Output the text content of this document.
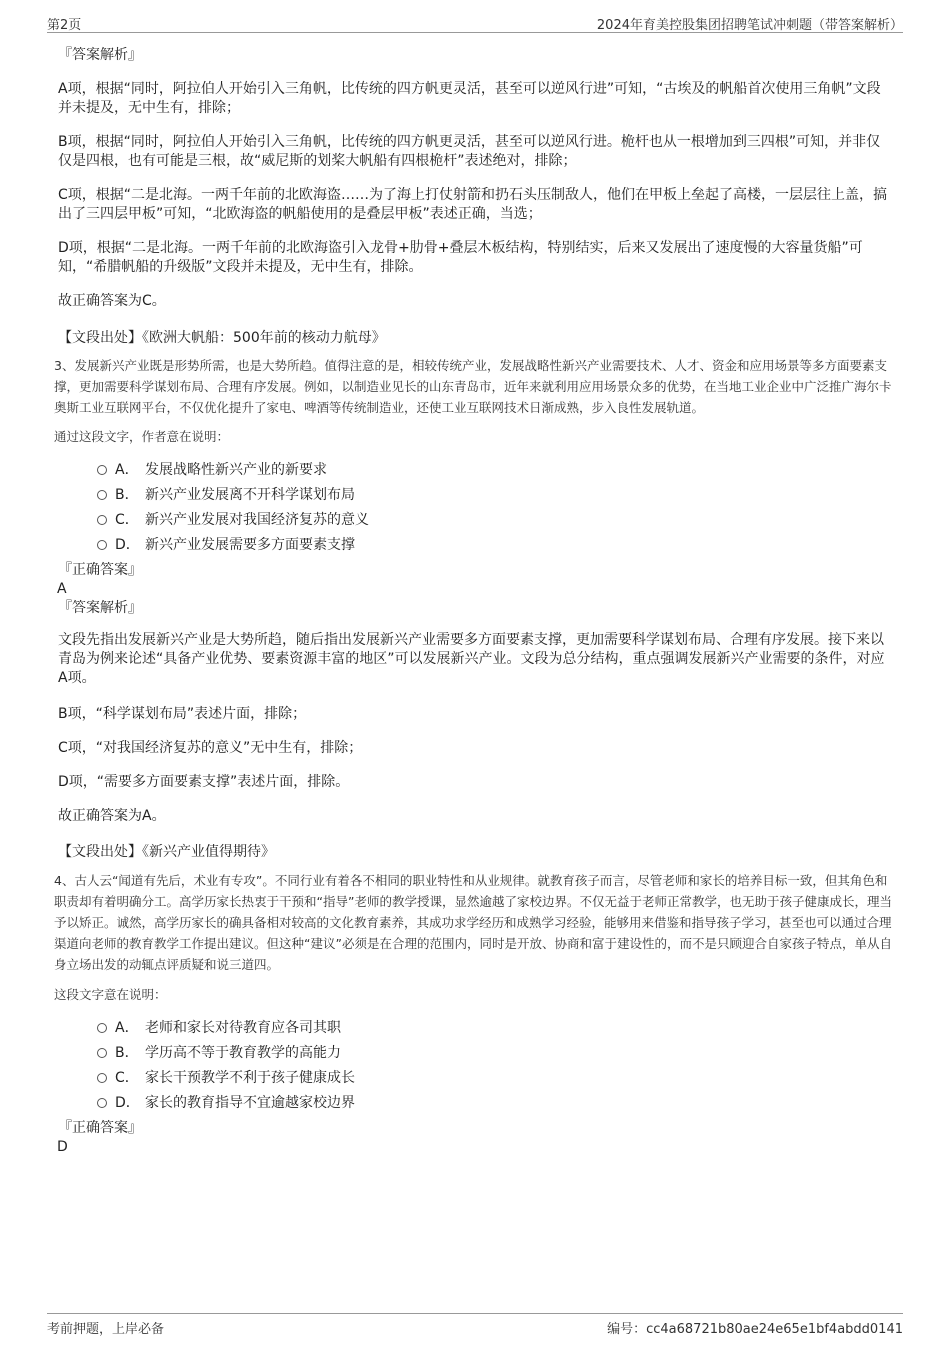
第2页	2024年育美控股集团招聘笔试冲刺题（带答案解析）

『答案解析』

A项，根据“同时，阿拉伯人开始引入三角帆，比传统的四方帆更灵活，甚至可以逆风行进”可知，“古埃及的帆船首次使用三角帆”文段并未提及，无中生有，排除；

B项，根据“同时，阿拉伯人开始引入三角帆，比传统的四方帆更灵活，甚至可以逆风行进。桅杆也从一根增加到三四根”可知，并非仅仅是四根，也有可能是三根，故“威尼斯的划桨大帆船有四根桅杆”表述绝对，排除；

C项，根据“二是北海。一两千年前的北欧海盗……为了海上打仗射箭和扔石头压制敌人，他们在甲板上垒起了高楼，一层层往上盖，搞出了三四层甲板”可知，“北欧海盗的帆船使用的是叠层甲板”表述正确，当选；

D项，根据“二是北海。一两千年前的北欧海盗引入龙骨+肋骨+叠层木板结构，特别结实，后来又发展出了速度慢的大容量货船”可知，“希腊帆船的升级版”文段并未提及，无中生有，排除。

故正确答案为C。

【文段出处】《欧洲大帆船：500年前的核动力航母》

3、发展新兴产业既是形势所需，也是大势所趋。值得注意的是，相较传统产业，发展战略性新兴产业需要技术、人才、资金和应用场景等多方面要素支撑，更加需要科学谋划布局、合理有序发展。例如，以制造业见长的山东青岛市，近年来就利用应用场景众多的优势，在当地工业企业中广泛推广海尔卡奥斯工业互联网平台，不仅优化提升了家电、啤酒等传统制造业，还使工业互联网技术日渐成熟，步入良性发展轨道。

通过这段文字，作者意在说明：

A． 发展战略性新兴产业的新要求
B． 新兴产业发展离不开科学谋划布局
C． 新兴产业发展对我国经济复苏的意义
D． 新兴产业发展需要多方面要素支撑

『正确答案』

A

『答案解析』

文段先指出发展新兴产业是大势所趋，随后指出发展新兴产业需要多方面要素支撑，更加需要科学谋划布局、合理有序发展。接下来以青岛为例来论述“具备产业优势、要素资源丰富的地区”可以发展新兴产业。文段为总分结构，重点强调发展新兴产业需要的条件，对应A项。

B项，“科学谋划布局”表述片面，排除；

C项，“对我国经济复苏的意义”无中生有，排除；

D项，“需要多方面要素支撑”表述片面，排除。

故正确答案为A。

【文段出处】《新兴产业值得期待》

4、古人云“闻道有先后，术业有专攻”。不同行业有着各不相同的职业特性和从业规律。就教育孩子而言，尽管老师和家长的培养目标一致，但其角色和职责却有着明确分工。高学历家长热衷于干预和“指导”老师的教学授课，显然逾越了家校边界。不仅无益于老师正常教学，也无助于孩子健康成长，理当予以矫正。诚然，高学历家长的确具备相对较高的文化教育素养，其成功求学经历和成熟学习经验，能够用来借鉴和指导孩子学习，甚至也可以通过合理渠道向老师的教育教学工作提出建议。但这种“建议”必须是在合理的范围内，同时是开放、协商和富于建设性的，而不是只顾迎合自家孩子特点，单从自身立场出发的动辄点评质疑和说三道四。

这段文字意在说明：

A． 老师和家长对待教育应各司其职
B． 学历高不等于教育教学的高能力
C． 家长干预教学不利于孩子健康成长
D． 家长的教育指导不宜逾越家校边界

『正确答案』

D

考前押题，上岸必备	编号：cc4a68721b80ae24e65e1bf4abdd0141
